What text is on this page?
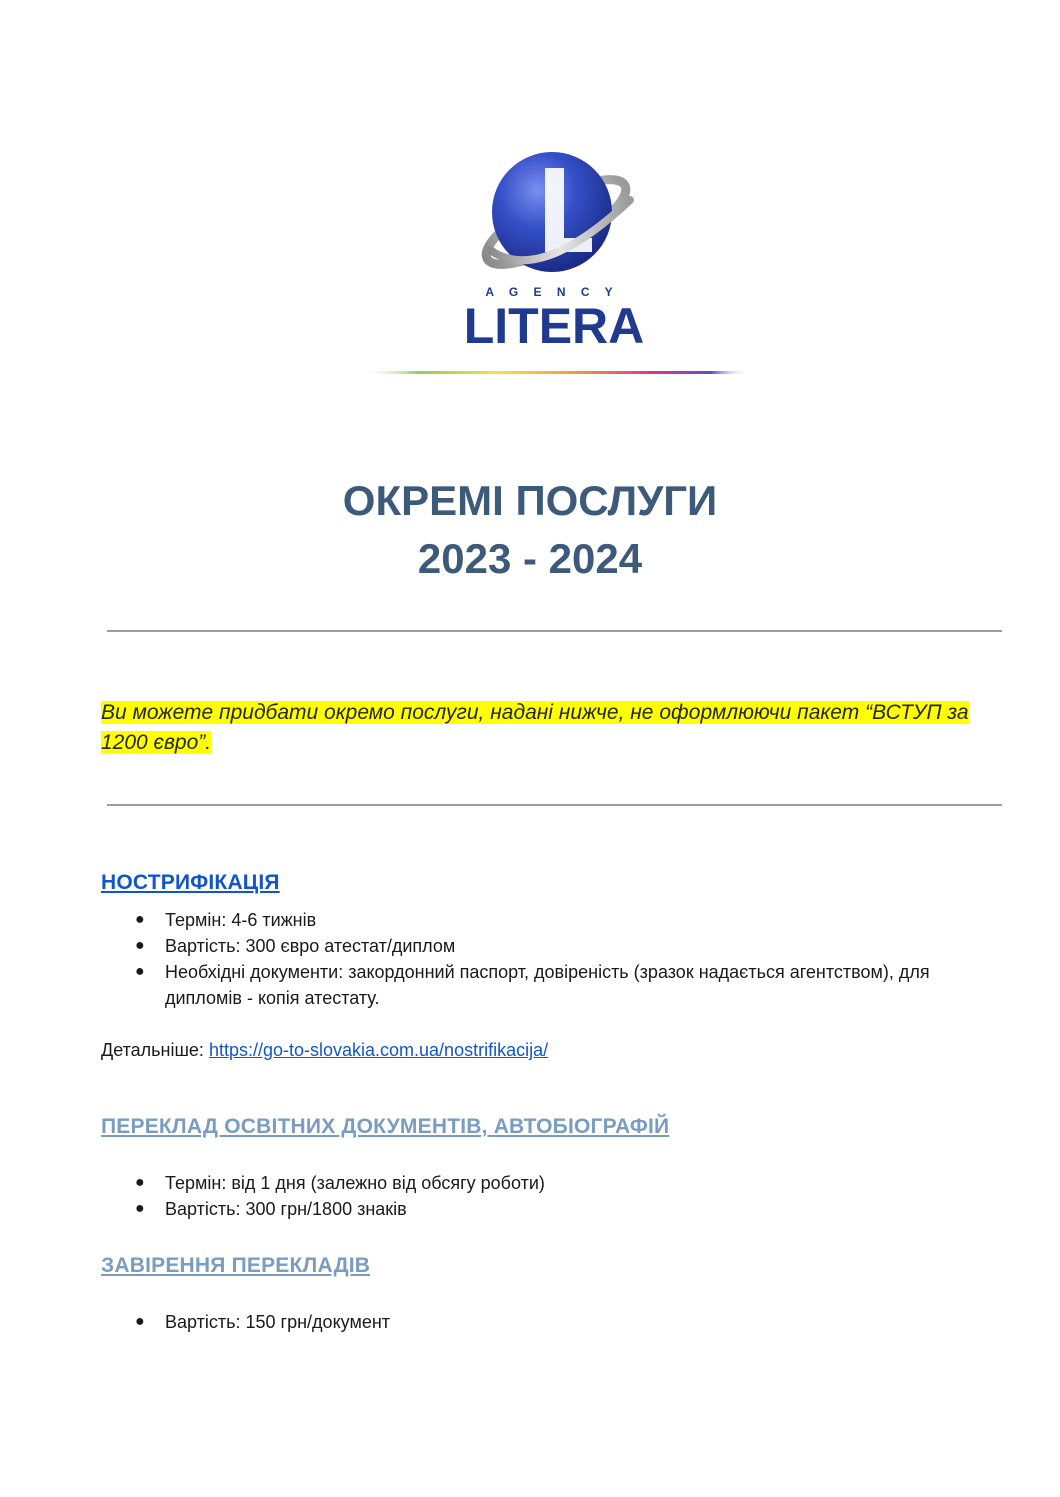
A G E N C Y
LITERA
ОКРЕМІ ПОСЛУГИ
2023 - 2024
Ви можете придбати окремо послуги, надані нижче, не оформлюючи пакет “ВСТУП за 1200 євро”.
НОСТРИФІКАЦІЯ
● Термін: 4-6 тижнів
● Вартість: 300 євро атестат/диплом
● Необхідні документи: закордонний паспорт, довіреність (зразок надається агентством), для дипломів - копія атестату.
Детальніше: https://go-to-slovakia.com.ua/nostrifikacija/
ПЕРЕКЛАД ОСВІТНИХ ДОКУМЕНТІВ, АВТОБІОГРАФІЙ
● Термін: від 1 дня (залежно від обсягу роботи)
● Вартість: 300 грн/1800 знаків
ЗАВІРЕННЯ ПЕРЕКЛАДІВ
● Вартість: 150 грн/документ
